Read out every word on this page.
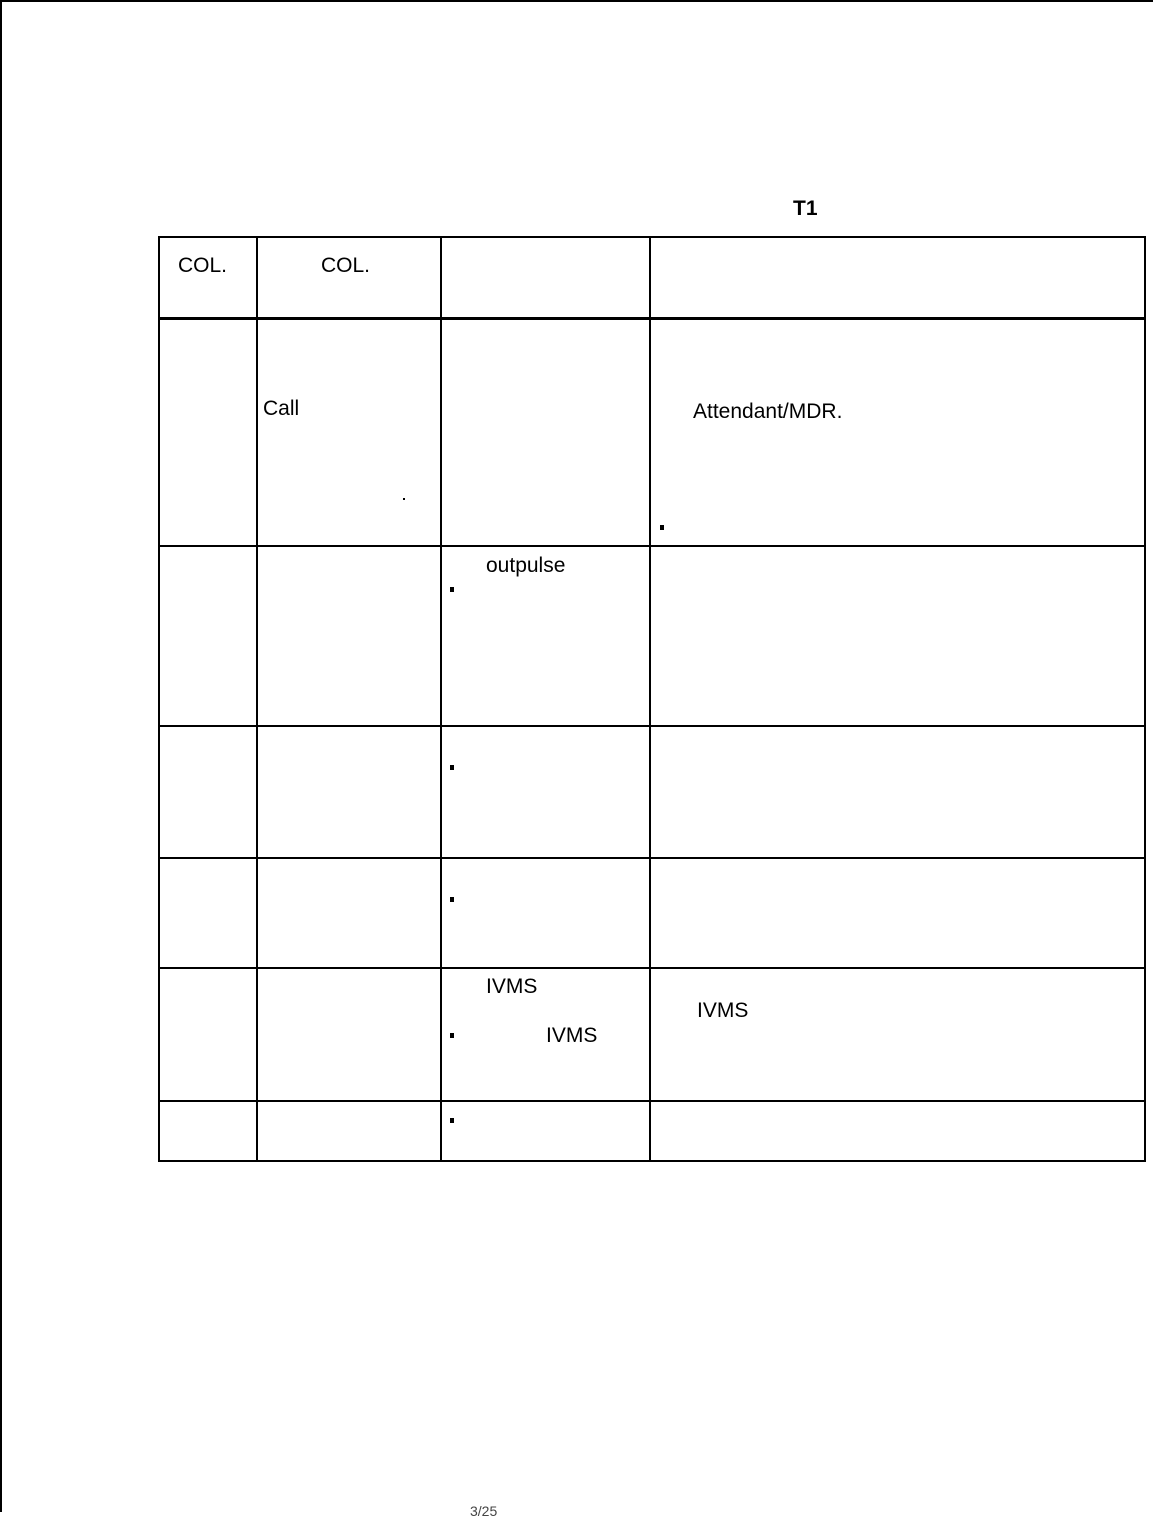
T1
COL.	COL.
Call	Attendant/MDR.
outpulse
IVMS
IVMS
IVMS
3/25
